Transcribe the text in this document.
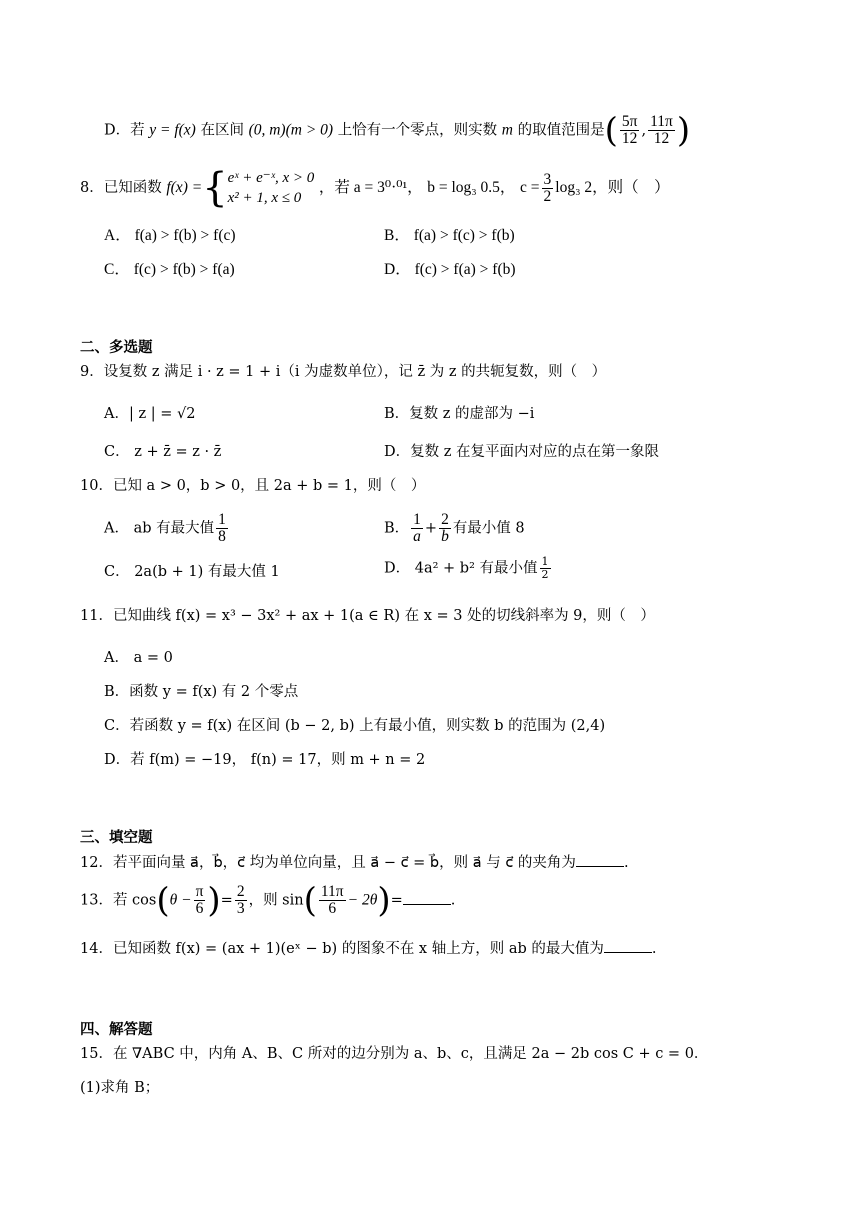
D．若 y = f(x) 在区间 (0, m)(m > 0) 上恰有一个零点，则实数 m 的取值范围是( $\frac{5\pi}{12}$ , $\frac{11\pi}{12}$ )
8．已知函数 f(x) ={ eˣ + e⁻ˣ, x > 0
x² + 1, x ≤ 0
，若 a = 3⁰·⁰¹， b = log₃ 0.5， $c = \frac{3}{2} \log_3$ 2，则（　）
A． f(a) > f(b) > f(c)	B． f(a) > f(c) > f(b)
C． f(c) > f(b) > f(a)	D． f(c) > f(a) > f(b)
二、多选题
9．设复数 z 满足 i · z = 1 + i（i 为虚数单位），记 z̄ 为 z 的共轭复数，则（　）
A．| z | = √2	B．复数 z 的虚部为 −i
C． z + z̄ = z · z̄	D．复数 z 在复平面内对应的点在第一象限
10．已知 a > 0，b > 0，且 2a + b = 1，则（　）
A． ab 有最大值 $\frac{1}{8}$	B． $\frac{1}{a} + \frac{2}{b}$ 有最小值 8
C． 2a(b + 1) 有最大值 1	D． 4a² + b² 有最小值 $\frac{1}{2}$
11．已知曲线 f(x) = x³ − 3x² + ax + 1(a ∈ R) 在 x = 3 处的切线斜率为 9，则（　）
A． a = 0
B．函数 y = f(x) 有 2 个零点
C．若函数 y = f(x) 在区间 (b − 2, b) 上有最小值，则实数 b 的范围为 (2,4)
D．若 f(m) = −19， f(n) = 17，则 m + n = 2
三、填空题
12．若平面向量 a⃗，b⃗，c⃗ 均为单位向量，且 a⃗ − c⃗ = b⃗，则 a⃗ 与 c⃗ 的夹角为	.
13．若 $\cos(\theta - \frac{\pi}{6}$ )= $\frac{2}{3}$ ，则 $\sin( \frac{11\pi}{6} - 2\theta)=$	.
14．已知函数 f(x) = (ax + 1)(eˣ − b) 的图象不在 x 轴上方，则 ab 的最大值为	.
四、解答题
15．在 ∇ABC 中，内角 A、B、C 所对的边分别为 a、b、c，且满足 2a − 2b cos C + c = 0．
(1)求角 B；
